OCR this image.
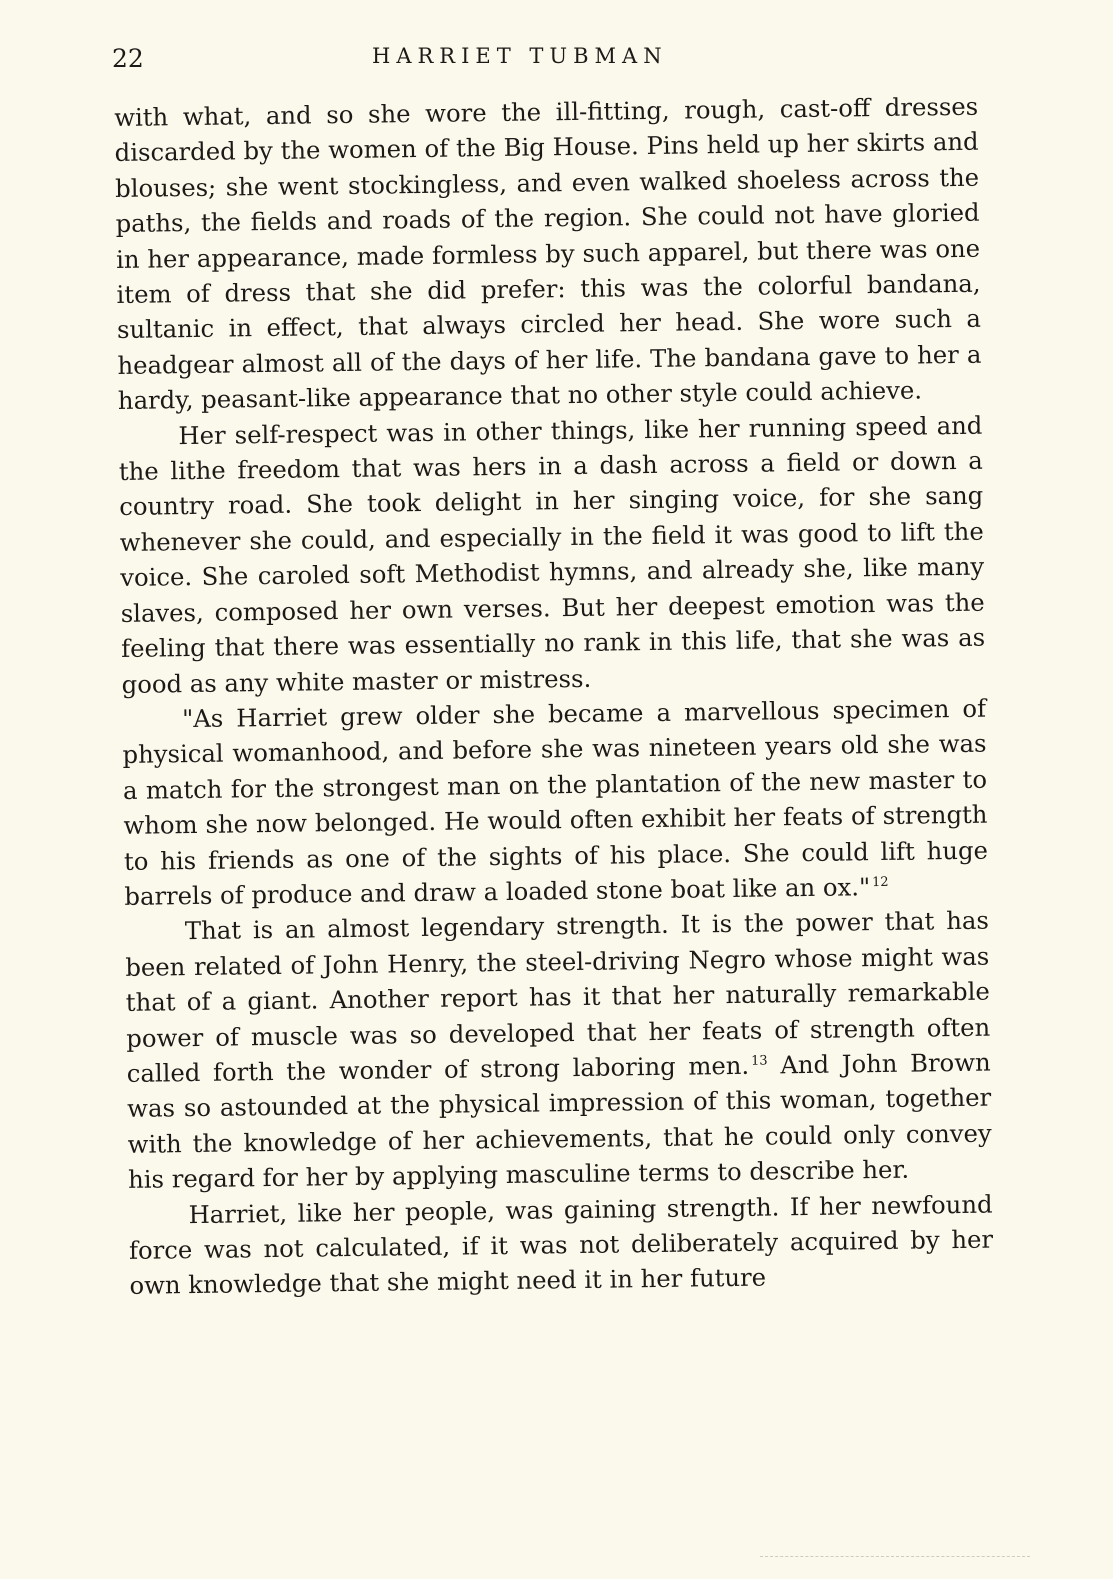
22	HARRIET TUBMAN

with what, and so she wore the ill-fitting, rough, cast-off dresses discarded by the women of the Big House. Pins held up her skirts and blouses; she went stockingless, and even walked shoeless across the paths, the fields and roads of the region. She could not have gloried in her appearance, made formless by such apparel, but there was one item of dress that she did prefer: this was the colorful bandana, sultanic in effect, that always circled her head. She wore such a headgear almost all of the days of her life. The bandana gave to her a hardy, peasant-like appearance that no other style could achieve.

Her self-respect was in other things, like her running speed and the lithe freedom that was hers in a dash across a field or down a country road. She took delight in her singing voice, for she sang whenever she could, and especially in the field it was good to lift the voice. She caroled soft Methodist hymns, and already she, like many slaves, composed her own verses. But her deepest emotion was the feeling that there was essentially no rank in this life, that she was as good as any white master or mistress.

"As Harriet grew older she became a marvellous specimen of physical womanhood, and before she was nineteen years old she was a match for the strongest man on the plantation of the new master to whom she now belonged. He would often exhibit her feats of strength to his friends as one of the sights of his place. She could lift huge barrels of produce and draw a loaded stone boat like an ox." $^{12}$

That is an almost legendary strength. It is the power that has been related of John Henry, the steel-driving Negro whose might was that of a giant. Another report has it that her naturally remarkable power of muscle was so developed that her feats of strength often called forth the wonder of strong laboring men. $^{13}$ And John Brown was so astounded at the physical impression of this woman, together with the knowledge of her achievements, that he could only convey his regard for her by applying masculine terms to describe her.

Harriet, like her people, was gaining strength. If her newfound force was not calculated, if it was not deliberately acquired by her own knowledge that she might need it in her future
